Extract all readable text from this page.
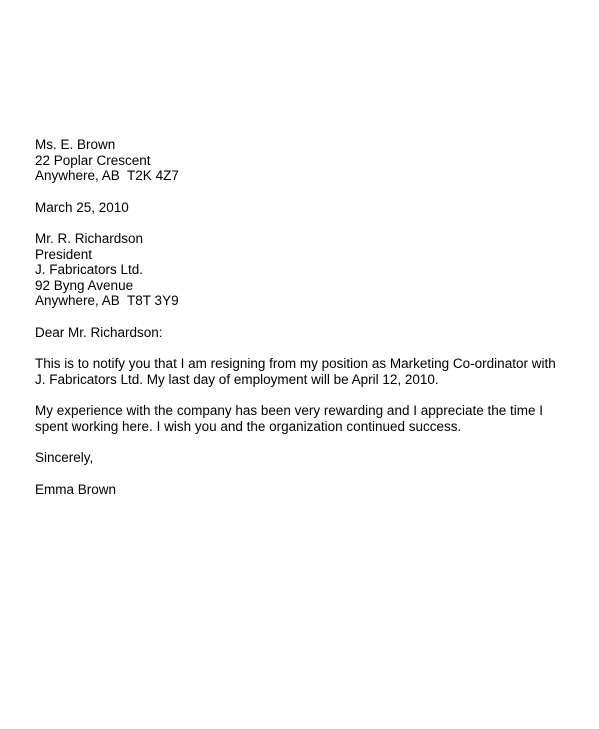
Ms. E. Brown
22 Poplar Crescent
Anywhere, AB  T2K 4Z7
March 25, 2010
Mr. R. Richardson
President
J. Fabricators Ltd.
92 Byng Avenue
Anywhere, AB  T8T 3Y9
Dear Mr. Richardson:
This is to notify you that I am resigning from my position as Marketing Co-ordinator with
J. Fabricators Ltd. My last day of employment will be April 12, 2010.
My experience with the company has been very rewarding and I appreciate the time I
spent working here. I wish you and the organization continued success.
Sincerely,
Emma Brown
